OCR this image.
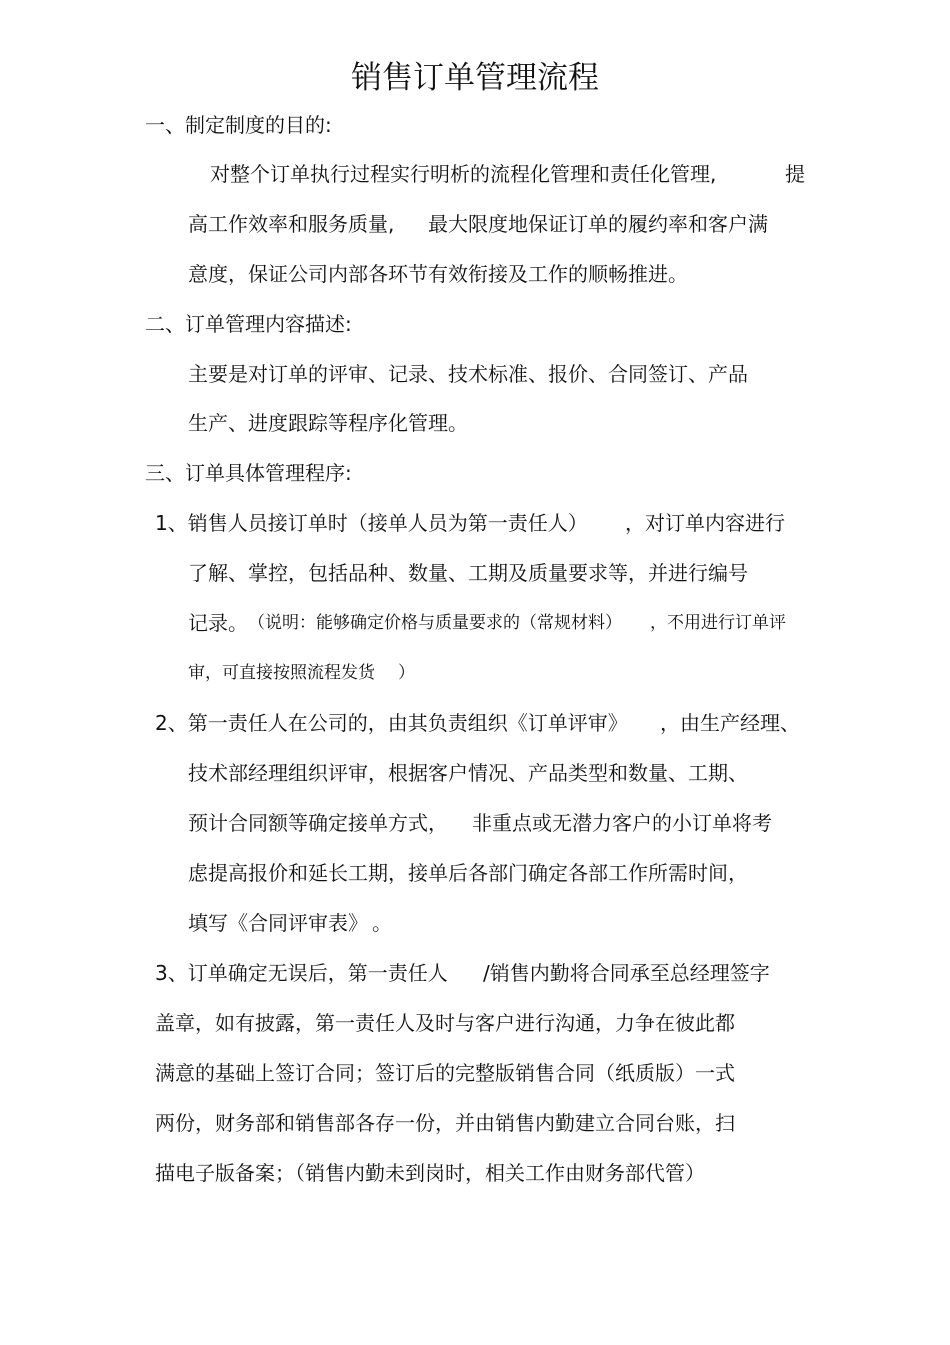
销售订单管理流程
一、制定制度的目的:
对整个订单执行过程实行明析的流程化管理和责任化管理,	提
高工作效率和服务质量, 最大限度地保证订单的履约率和客户满
意度，保证公司内部各环节有效衔接及工作的顺畅推进。
二、订单管理内容描述:
主要是对订单的评审、记录、技术标准、报价、合同签订、产品
生产、进度跟踪等程序化管理。
三、订单具体管理程序:
1、销售人员接订单时（接单人员为第一责任人） ，对订单内容进行
了解、掌控，包括品种、数量、工期及质量要求等，并进行编号
记录。 （说明：能够确定价格与质量要求的（常规材料） ，不用进行订单评
审，可直接按照流程发货 ）
2、第一责任人在公司的，由其负责组织《订单评审》 ，由生产经理、
技术部经理组织评审，根据客户情况、产品类型和数量、工期、
预计合同额等确定接单方式， 非重点或无潜力客户的小订单将考
虑提高报价和延长工期，接单后各部门确定各部工作所需时间，
填写《合同评审表》 。
3、订单确定无误后，第一责任人 /销售内勤将合同承至总经理签字
盖章，如有披露，第一责任人及时与客户进行沟通，力争在彼此都
满意的基础上签订合同；签订后的完整版销售合同（纸质版）一式
两份，财务部和销售部各存一份，并由销售内勤建立合同台账，扫
描电子版备案；（销售内勤未到岗时，相关工作由财务部代管）
